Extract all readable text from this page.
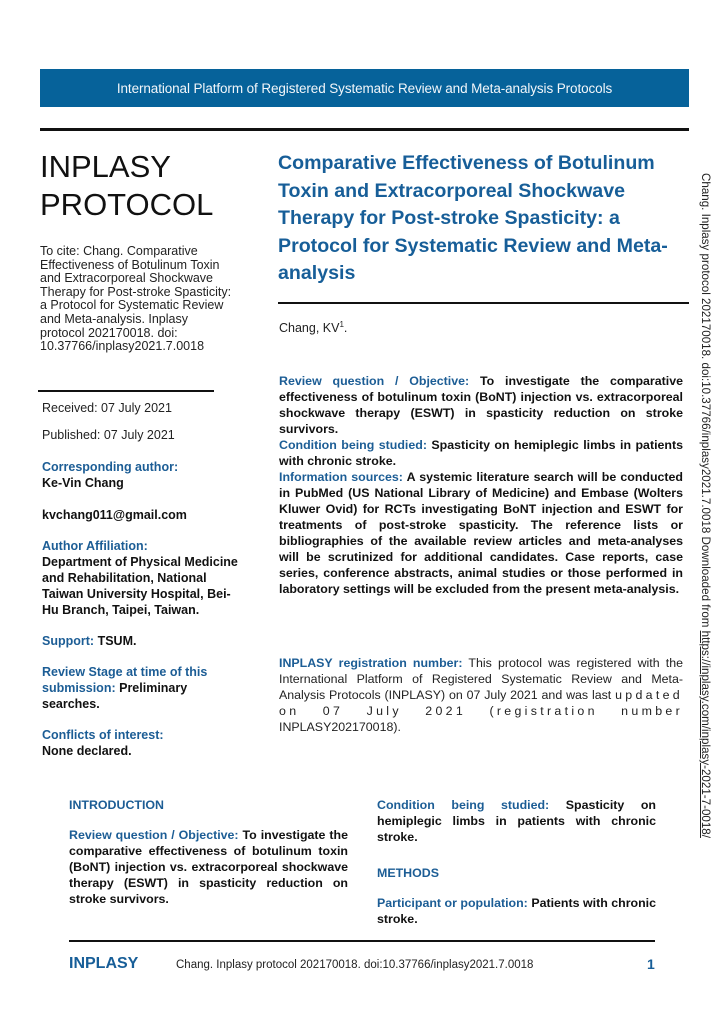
International Platform of Registered Systematic Review and Meta-analysis Protocols
INPLASY
PROTOCOL
To cite: Chang. Comparative Effectiveness of Botulinum Toxin and Extracorporeal Shockwave Therapy for Post-stroke Spasticity: a Protocol for Systematic Review and Meta-analysis. Inplasy protocol 202170018. doi: 10.37766/inplasy2021.7.0018
Received: 07 July 2021
Published: 07 July 2021
Corresponding author:
Ke-Vin Chang
kvchang011@gmail.com
Author Affiliation:
Department of Physical Medicine and Rehabilitation, National Taiwan University Hospital, Bei-Hu Branch, Taipei, Taiwan.
Support: TSUM.
Review Stage at time of this submission: Preliminary searches.
Conflicts of interest:
None declared.
Comparative Effectiveness of Botulinum Toxin and Extracorporeal Shockwave Therapy for Post-stroke Spasticity: a Protocol for Systematic Review and Meta-analysis
Chang, $KV^1$.

Review question / Objective: To investigate the comparative effectiveness of botulinum toxin (BoNT) injection vs. extracorporeal shockwave therapy (ESWT) in spasticity reduction on stroke survivors.

Condition being studied: Spasticity on hemiplegic limbs in patients with chronic stroke.

Information sources: A systemic literature search will be conducted in PubMed (US National Library of Medicine) and Embase (Wolters Kluwer Ovid) for RCTs investigating BoNT injection and ESWT for treatments of post-stroke spasticity. The reference lists or bibliographies of the available review articles and meta-analyses will be scrutinized for additional candidates. Case reports, case series, conference abstracts, animal studies or those performed in laboratory settings will be excluded from the present meta-analysis.

INPLASY registration number: This protocol was registered with the International Platform of Registered Systematic Review and Meta-Analysis Protocols (INPLASY) on 07 July 2021 and was last updated on 07 July 2021 (registration number INPLASY202170018).
INTRODUCTION
Review question / Objective: To investigate the comparative effectiveness of botulinum toxin (BoNT) injection vs. extracorporeal shockwave therapy (ESWT) in spasticity reduction on stroke survivors.
Condition being studied: Spasticity on hemiplegic limbs in patients with chronic stroke.
METHODS
Participant or population: Patients with chronic stroke.
INPLASY	Chang. Inplasy protocol 202170018. doi:10.37766/inplasy2021.7.0018	1
Chang. Inplasy protocol 202170018. doi:10.37766/inplasy2021.7.0018 Downloaded from https://inplasy.com/inplasy-2021-7-0018/
